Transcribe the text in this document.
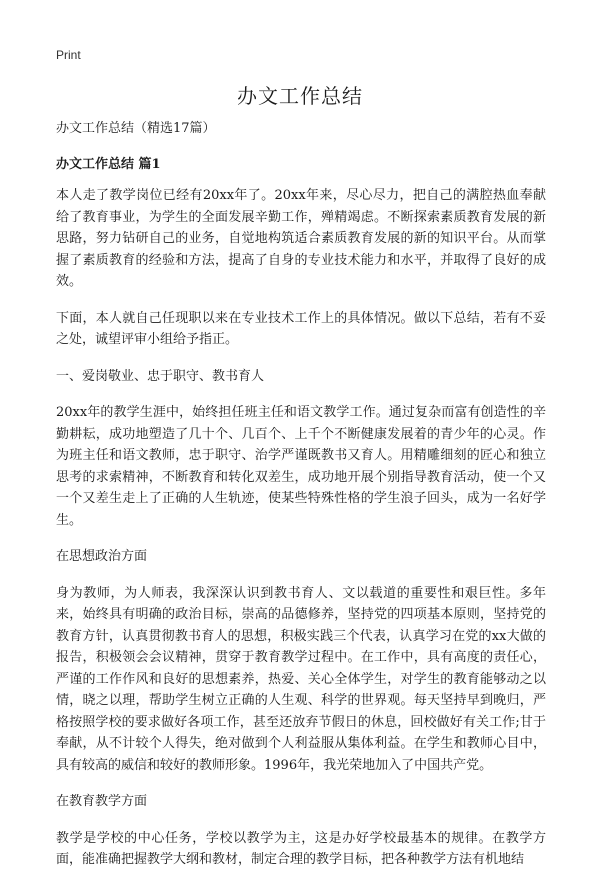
Print
办文工作总结

办文工作总结（精选17篇）

办文工作总结 篇1

本人走了教学岗位已经有20xx年了。20xx年来，尽心尽力，把自己的满腔热血奉献给了教育事业，为学生的全面发展辛勤工作，殚精竭虑。不断探索素质教育发展的新思路，努力钻研自己的业务，自觉地构筑适合素质教育发展的新的知识平台。从而掌握了素质教育的经验和方法，提高了自身的专业技术能力和水平，并取得了良好的成效。

下面，本人就自己任现职以来在专业技术工作上的具体情况。做以下总结，若有不妥之处，诚望评审小组给予指正。

一、爱岗敬业、忠于职守、教书育人

20xx年的教学生涯中，始终担任班主任和语文教学工作。通过复杂而富有创造性的辛勤耕耘，成功地塑造了几十个、几百个、上千个不断健康发展着的青少年的心灵。作为班主任和语文教师，忠于职守、治学严谨既教书又育人。用精雕细刻的匠心和独立思考的求索精神，不断教育和转化双差生，成功地开展个别指导教育活动，使一个又一个又差生走上了正确的人生轨迹，使某些特殊性格的学生浪子回头，成为一名好学生。

在思想政治方面

身为教师，为人师表，我深深认识到教书育人、文以载道的重要性和艰巨性。多年来，始终具有明确的政治目标，崇高的品德修养，坚持党的四项基本原则，坚持党的教育方针，认真贯彻教书育人的思想，积极实践三个代表，认真学习在党的xx大做的报告，积极领会会议精神，贯穿于教育教学过程中。在工作中，具有高度的责任心，严谨的工作作风和良好的思想素养，热爱、关心全体学生，对学生的教育能够动之以情，晓之以理，帮助学生树立正确的人生观、科学的世界观。每天坚持早到晚归，严格按照学校的要求做好各项工作，甚至还放弃节假日的休息，回校做好有关工作;甘于奉献，从不计较个人得失，绝对做到个人利益服从集体利益。在学生和教师心目中，具有较高的威信和较好的教师形象。1996年，我光荣地加入了中国共产党。

在教育教学方面

教学是学校的中心任务，学校以教学为主，这是办好学校最基本的规律。在教学方面，能准确把握教学大纲和教材，制定合理的教学目标，把各种教学方法有机地结
